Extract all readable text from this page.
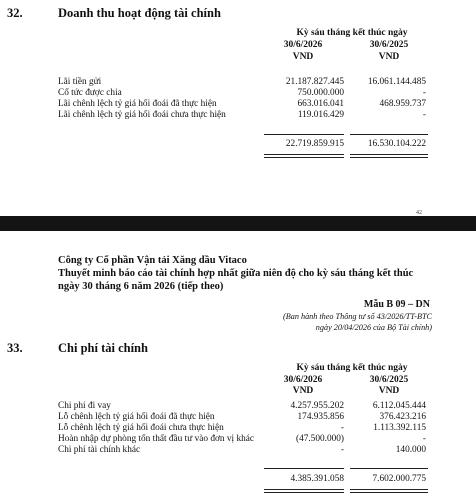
32.	Doanh thu hoạt động tài chính
Kỳ sáu tháng kết thúc ngày
30/6/2026	30/6/2025
VND	VND
Lãi tiền gửi	21.187.827.445	16.061.144.485
Cổ tức được chia	750.000.000	-
Lãi chênh lệch tỷ giá hối đoái đã thực hiện	663.016.041	468.959.737
Lãi chênh lệch tỷ giá hối đoái chưa thực hiện	119.016.429	-
22.719.859.915	16.530.104.222
42
Công ty Cổ phần Vận tải Xăng dầu Vitaco
Thuyết minh báo cáo tài chính hợp nhất giữa niên độ cho kỳ sáu tháng kết thúc
ngày 30 tháng 6 năm 2026 (tiếp theo)
Mẫu B 09 – DN
(Ban hành theo Thông tư số 43/2026/TT-BTC
ngày 20/04/2026 của Bộ Tài chính)
33.	Chi phí tài chính
Kỳ sáu tháng kết thúc ngày
30/6/2026	30/6/2025
VND	VND
Chi phí đi vay	4.257.955.202	6.112.045.444
Lỗ chênh lệch tỷ giá hối đoái đã thực hiện	174.935.856	376.423.216
Lỗ chênh lệch tỷ giá hối đoái chưa thực hiện	-	1.113.392.115
Hoàn nhập dự phòng tổn thất đầu tư vào đơn vị khác	(47.500.000)	-
Chi phí tài chính khác	-	140.000
4.385.391.058	7.602.000.775
